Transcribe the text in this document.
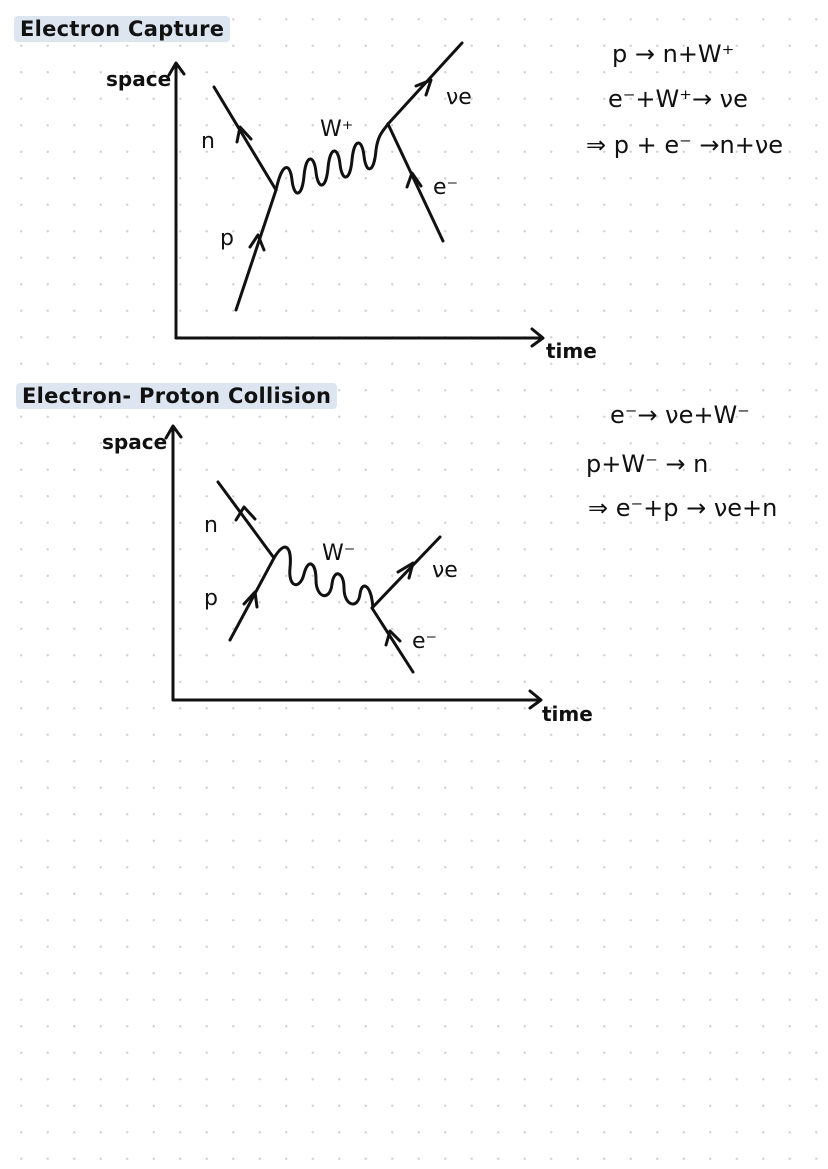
Electron Capture
space
time
n
p
W⁺
νe
e⁻
p → n+W⁺
e⁻+W⁺→ νe
⇒ p + e⁻ →n+νe
Electron- Proton Collision
space
time
n
p
W⁻
νe
e⁻
e⁻→ νe+W⁻
p+W⁻ → n
⇒ e⁻+p → νe+n
